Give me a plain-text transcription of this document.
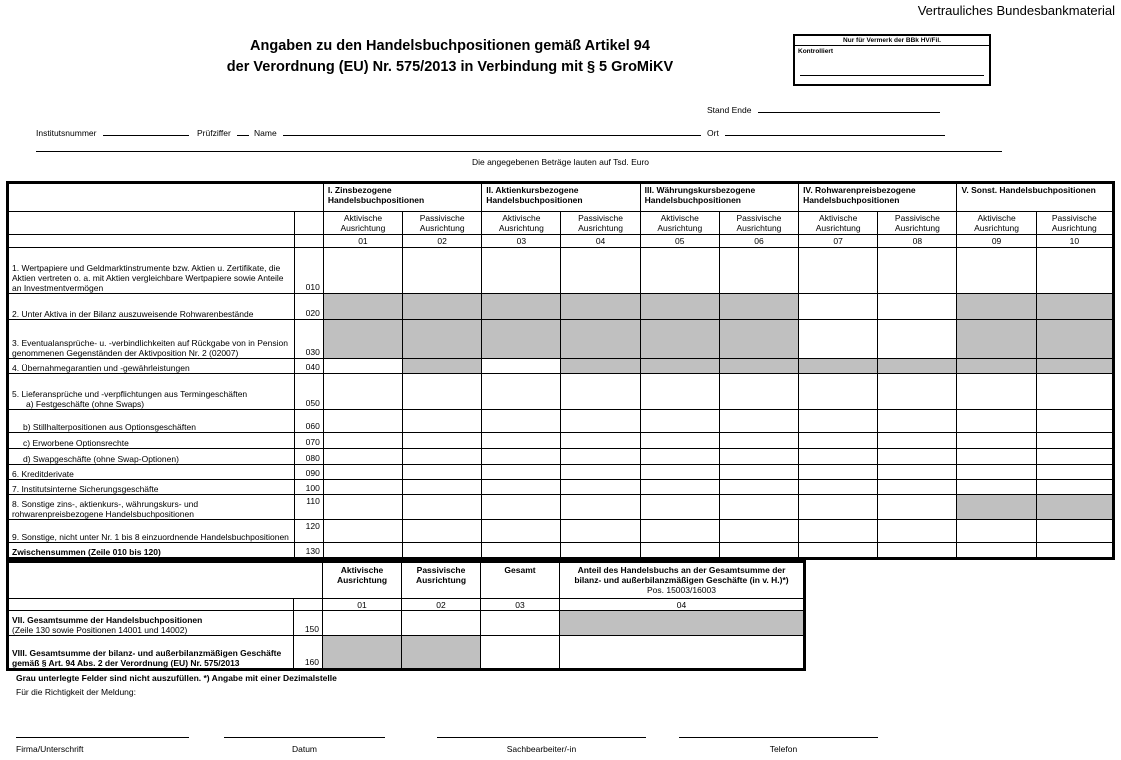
Vertrauliches Bundesbankmaterial
Angaben zu den Handelsbuchpositionen gemäß Artikel 94
der Verordnung (EU) Nr. 575/2013 in Verbindung mit § 5 GroMiKV
Nur für Vermerk der BBk HV/Fil.
Kontrolliert
Stand Ende
Institutsnummer	Prüfziffer	Name	Ort
Die angegebenen Beträge lauten auf Tsd. Euro
		I. Zinsbezogene Handelsbuchpositionen		II. Aktienkursbezogene Handelsbuchpositionen		III. Währungskursbezogene Handelsbuchpositionen		IV. Rohwarenpreisbezogene Handelsbuchpositionen		V. Sonst. Handelsbuchpositionen	
		Aktivische Ausrichtung	Passivische Ausrichtung	Aktivische Ausrichtung	Passivische Ausrichtung	Aktivische Ausrichtung	Passivische Ausrichtung	Aktivische Ausrichtung	Passivische Ausrichtung	Aktivische Ausrichtung	Passivische Ausrichtung
		01	02	03	04	05	06	07	08	09	10
1. Wertpapiere und Geldmarktinstrumente bzw. Aktien u. Zertifikate, die Aktien vertreten o. a. mit Aktien vergleichbare Wertpapiere sowie Anteile an Investmentvermögen	010										
2. Unter Aktiva in der Bilanz auszuweisende Rohwarenbestände	020										
3. Eventualansprüche- u. -verbindlichkeiten auf Rückgabe von in Pension genommenen Gegenständen der Aktivposition Nr. 2 (02007)	030										
4. Übernahmegarantien und -gewährleistungen	040										

5. Lieferansprüche und -verpflichtungen aus Termingeschäften
a) Festgeschäfte (ohne Swaps)	050										
b) Stillhalterpositionen aus Optionsgeschäften	060										
c) Erworbene Optionsrechte	070										
d) Swapgeschäfte (ohne Swap-Optionen)	080										
6. Kreditderivate	090										
7. Institutsinterne Sicherungsgeschäfte	100										
8. Sonstige zins-, aktienkurs-, währungskurs- und rohwarenpreisbezogene Handelsbuchpositionen	110										
9. Sonstige, nicht unter Nr. 1 bis 8 einzuordnende Handelsbuchpositionen	120										
Zwischensummen (Zeile 010 bis 120)	130										
		Aktivische Ausrichtung	Passivische Ausrichtung	Gesamt	Anteil des Handelsbuchs an der Gesamtsumme der bilanz- und außerbilanzmäßigen Geschäfte (in v. H.)*) Pos. 15003/16003
		01	02	03	04

VII. Gesamtsumme der Handelsbuchpositionen
(Zeile 130 sowie Positionen 14001 und 14002)	150				
VIII. Gesamtsumme der bilanz- und außerbilanzmäßigen Geschäfte gemäß § Art. 94 Abs. 2 der Verordnung (EU) Nr. 575/2013	160				
Grau unterlegte Felder sind nicht auszufüllen. *) Angabe mit einer Dezimalstelle
Für die Richtigkeit der Meldung:
Firma/Unterschrift	Datum	Sachbearbeiter/-in	Telefon
